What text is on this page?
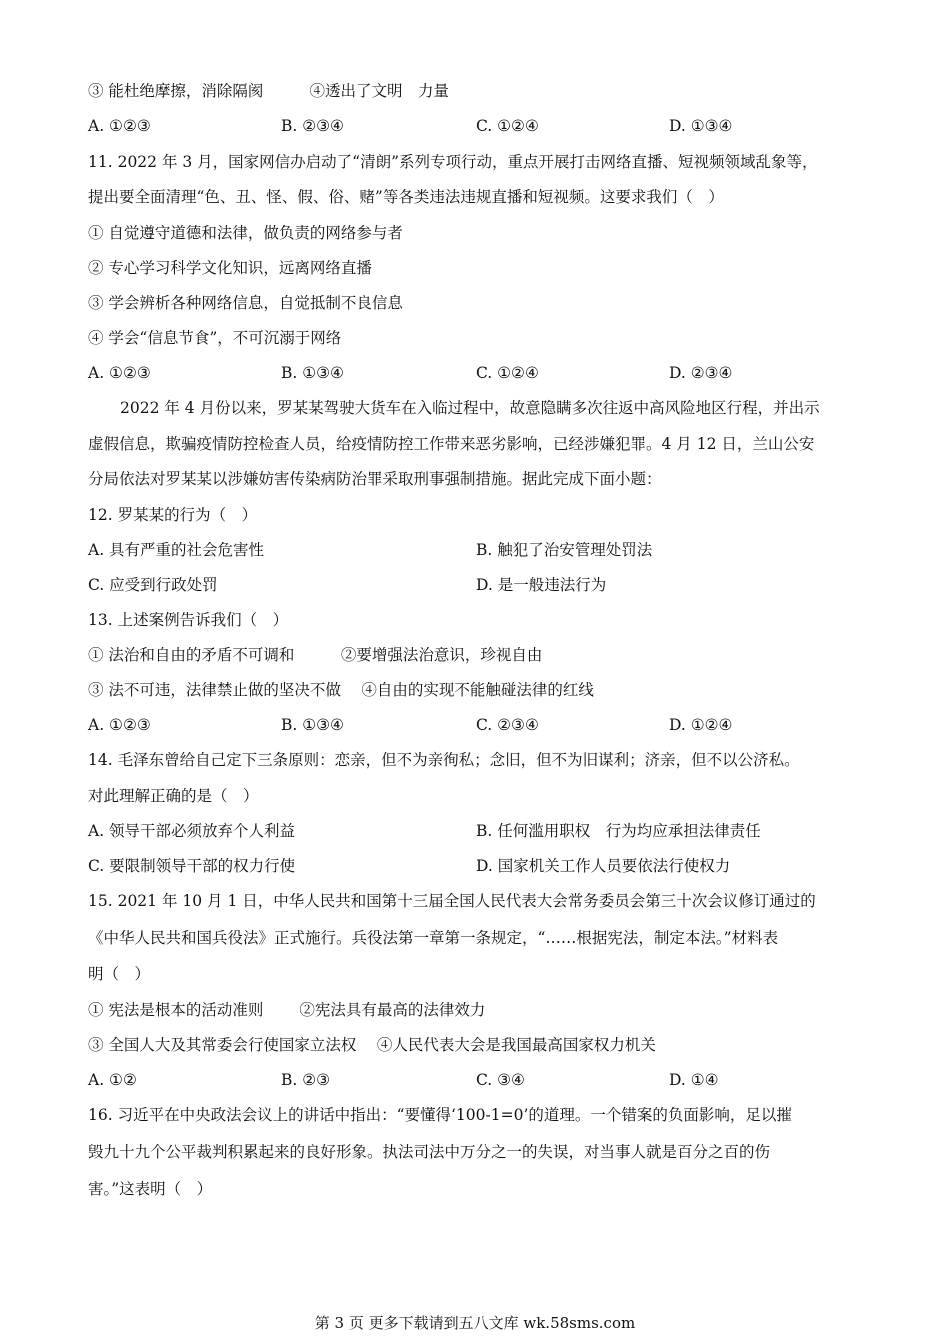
③ 能杜绝摩擦，消除隔阂	④透出了文明　力量
A. ①②③	B. ②③④	C. ①②④	D. ①③④
11. 2022 年 3 月，国家网信办启动了“清朗”系列专项行动，重点开展打击网络直播、短视频领域乱象等，
提出要全面清理“色、丑、怪、假、俗、赌”等各类违法违规直播和短视频。这要求我们（　）
① 自觉遵守道德和法律，做负责的网络参与者
② 专心学习科学文化知识，远离网络直播
③ 学会辨析各种网络信息，自觉抵制不良信息
④ 学会“信息节食”，不可沉溺于网络
A. ①②③	B. ①③④	C. ①②④	D. ②③④
2022 年 4 月份以来，罗某某驾驶大货车在入临过程中，故意隐瞒多次往返中高风险地区行程，并出示
虚假信息，欺骗疫情防控检查人员，给疫情防控工作带来恶劣影响，已经涉嫌犯罪。4 月 12 日，兰山公安
分局依法对罗某某以涉嫌妨害传染病防治罪采取刑事强制措施。据此完成下面小题：
12. 罗某某的行为（　）
A. 具有严重的社会危害性	B. 触犯了治安管理处罚法
C. 应受到行政处罚	D. 是一般违法行为
13. 上述案例告诉我们（　）
① 法治和自由的矛盾不可调和　　　②要增强法治意识，珍视自由
③ 法不可违，法律禁止做的坚决不做　 ④自由的实现不能触碰法律的红线
A. ①②③	B. ①③④	C. ②③④	D. ①②④
14. 毛泽东曾给自己定下三条原则：恋亲，但不为亲徇私；念旧，但不为旧谋利；济亲，但不以公济私。
对此理解正确的是（　）
A. 领导干部必须放弃个人利益	B. 任何滥用职权　行为均应承担法律责任
C. 要限制领导干部的权力行使	D. 国家机关工作人员要依法行使权力
15. 2021 年 10 月 1 日，中华人民共和国第十三届全国人民代表大会常务委员会第三十次会议修订通过的
《中华人民共和国兵役法》正式施行。兵役法第一章第一条规定，“……根据宪法，制定本法。”材料表
明（　）
① 宪法是根本的活动准则　　 ②宪法具有最高的法律效力
③ 全国人大及其常委会行使国家立法权　 ④人民代表大会是我国最高国家权力机关
A. ①②	B. ②③	C. ③④	D. ①④
16. 习近平在中央政法会议上的讲话中指出：“要懂得‘100-1=0’的道理。一个错案的负面影响，足以摧
毁九十九个公平裁判积累起来的良好形象。执法司法中万分之一的失误，对当事人就是百分之百的伤
害。”这表明（　）
第 3 页 更多下载请到五八文库 wk.58sms.com
